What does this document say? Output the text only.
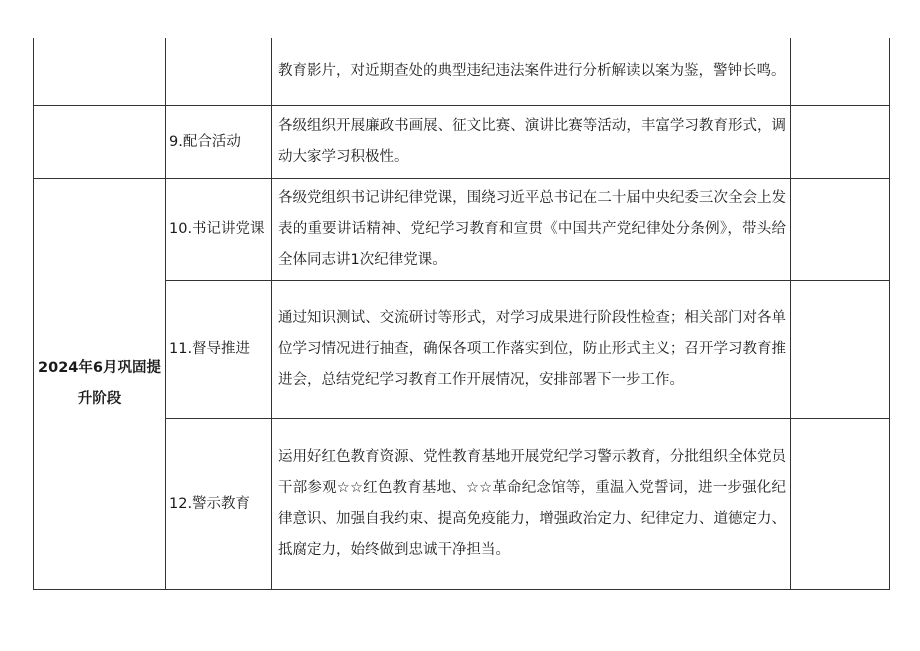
		教育影片，对近期查处的典型违纪违法案件进行分析解读以案为鉴，警钟长鸣。	

	9.配合活动	各级组织开展廉政书画展、征文比赛、演讲比赛等活动，丰富学习教育形式，调动大家学习积极性。	

2024年6月巩固提升阶段	10.书记讲党课	各级党组织书记讲纪律党课，围绕习近平总书记在二十届中央纪委三次全会上发表的重要讲话精神、党纪学习教育和宣贯《中国共产党纪律处分条例》，带头给全体同志讲1次纪律党课。	

	11.督导推进	通过知识测试、交流研讨等形式，对学习成果进行阶段性检查；相关部门对各单位学习情况进行抽查，确保各项工作落实到位，防止形式主义；召开学习教育推进会，总结党纪学习教育工作开展情况，安排部署下一步工作。	

	12.警示教育	运用好红色教育资源、党性教育基地开展党纪学习警示教育，分批组织全体党员干部参观☆☆红色教育基地、☆☆革命纪念馆等，重温入党誓词，进一步强化纪律意识、加强自我约束、提高免疫能力，增强政治定力、纪律定力、道德定力、抵腐定力，始终做到忠诚干净担当。	
